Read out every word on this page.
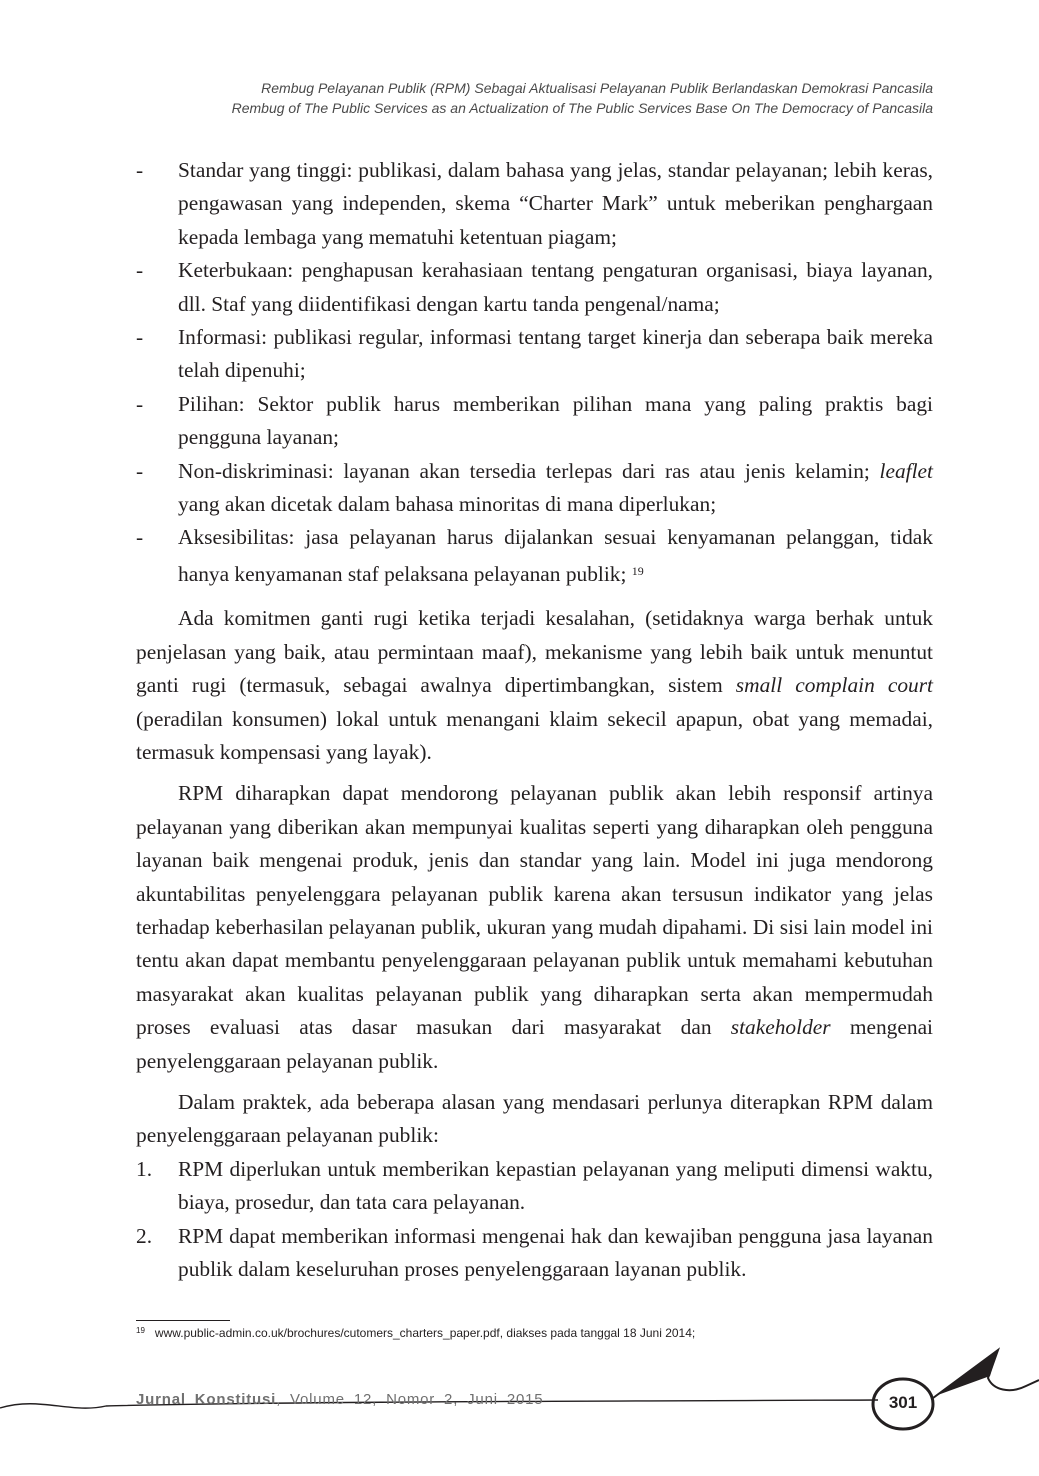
Rembug Pelayanan Publik (RPM) Sebagai Aktualisasi Pelayanan Publik Berlandaskan Demokrasi Pancasila
Rembug of The Public Services as an Actualization of The Public Services Base On The Democracy of Pancasila
- Standar yang tinggi: publikasi, dalam bahasa yang jelas, standar pelayanan; lebih keras, pengawasan yang independen, skema “Charter Mark” untuk meberikan penghargaan kepada lembaga yang mematuhi ketentuan piagam;
- Keterbukaan: penghapusan kerahasiaan tentang pengaturan organisasi, biaya layanan, dll. Staf yang diidentifikasi dengan kartu tanda pengenal/nama;
- Informasi: publikasi regular, informasi tentang target kinerja dan seberapa baik mereka telah dipenuhi;
- Pilihan: Sektor publik harus memberikan pilihan mana yang paling praktis bagi pengguna layanan;
- Non-diskriminasi: layanan akan tersedia terlepas dari ras atau jenis kelamin; leaflet yang akan dicetak dalam bahasa minoritas di mana diperlukan;
- Aksesibilitas: jasa pelayanan harus dijalankan sesuai kenyamanan pelanggan, tidak hanya kenyamanan staf pelaksana pelayanan publik; $^{19}$

Ada komitmen ganti rugi ketika terjadi kesalahan, (setidaknya warga berhak untuk penjelasan yang baik, atau permintaan maaf), mekanisme yang lebih baik untuk menuntut ganti rugi (termasuk, sebagai awalnya dipertimbangkan, sistem small complain court (peradilan konsumen) lokal untuk menangani klaim sekecil apapun, obat yang memadai, termasuk kompensasi yang layak).

RPM diharapkan dapat mendorong pelayanan publik akan lebih responsif artinya pelayanan yang diberikan akan mempunyai kualitas seperti yang diharapkan oleh pengguna layanan baik mengenai produk, jenis dan standar yang lain. Model ini juga mendorong akuntabilitas penyelenggara pelayanan publik karena akan tersusun indikator yang jelas terhadap keberhasilan pelayanan publik, ukuran yang mudah dipahami. Di sisi lain model ini tentu akan dapat membantu penyelenggaraan pelayanan publik untuk memahami kebutuhan masyarakat akan kualitas pelayanan publik yang diharapkan serta akan mempermudah proses evaluasi atas dasar masukan dari masyarakat dan stakeholder mengenai penyelenggaraan pelayanan publik.

Dalam praktek, ada beberapa alasan yang mendasari perlunya diterapkan RPM dalam penyelenggaraan pelayanan publik:

1. RPM diperlukan untuk memberikan kepastian pelayanan yang meliputi dimensi waktu, biaya, prosedur, dan tata cara pelayanan.
2. RPM dapat memberikan informasi mengenai hak dan kewajiban pengguna jasa layanan publik dalam keseluruhan proses penyelenggaraan layanan publik.
$^{19}$ www.public-admin.co.uk/brochures/cutomers_charters_paper.pdf, diakses pada tanggal 18 Juni 2014;
301
Jurnal Konstitusi, Volume 12, Nomor 2, Juni 2015
